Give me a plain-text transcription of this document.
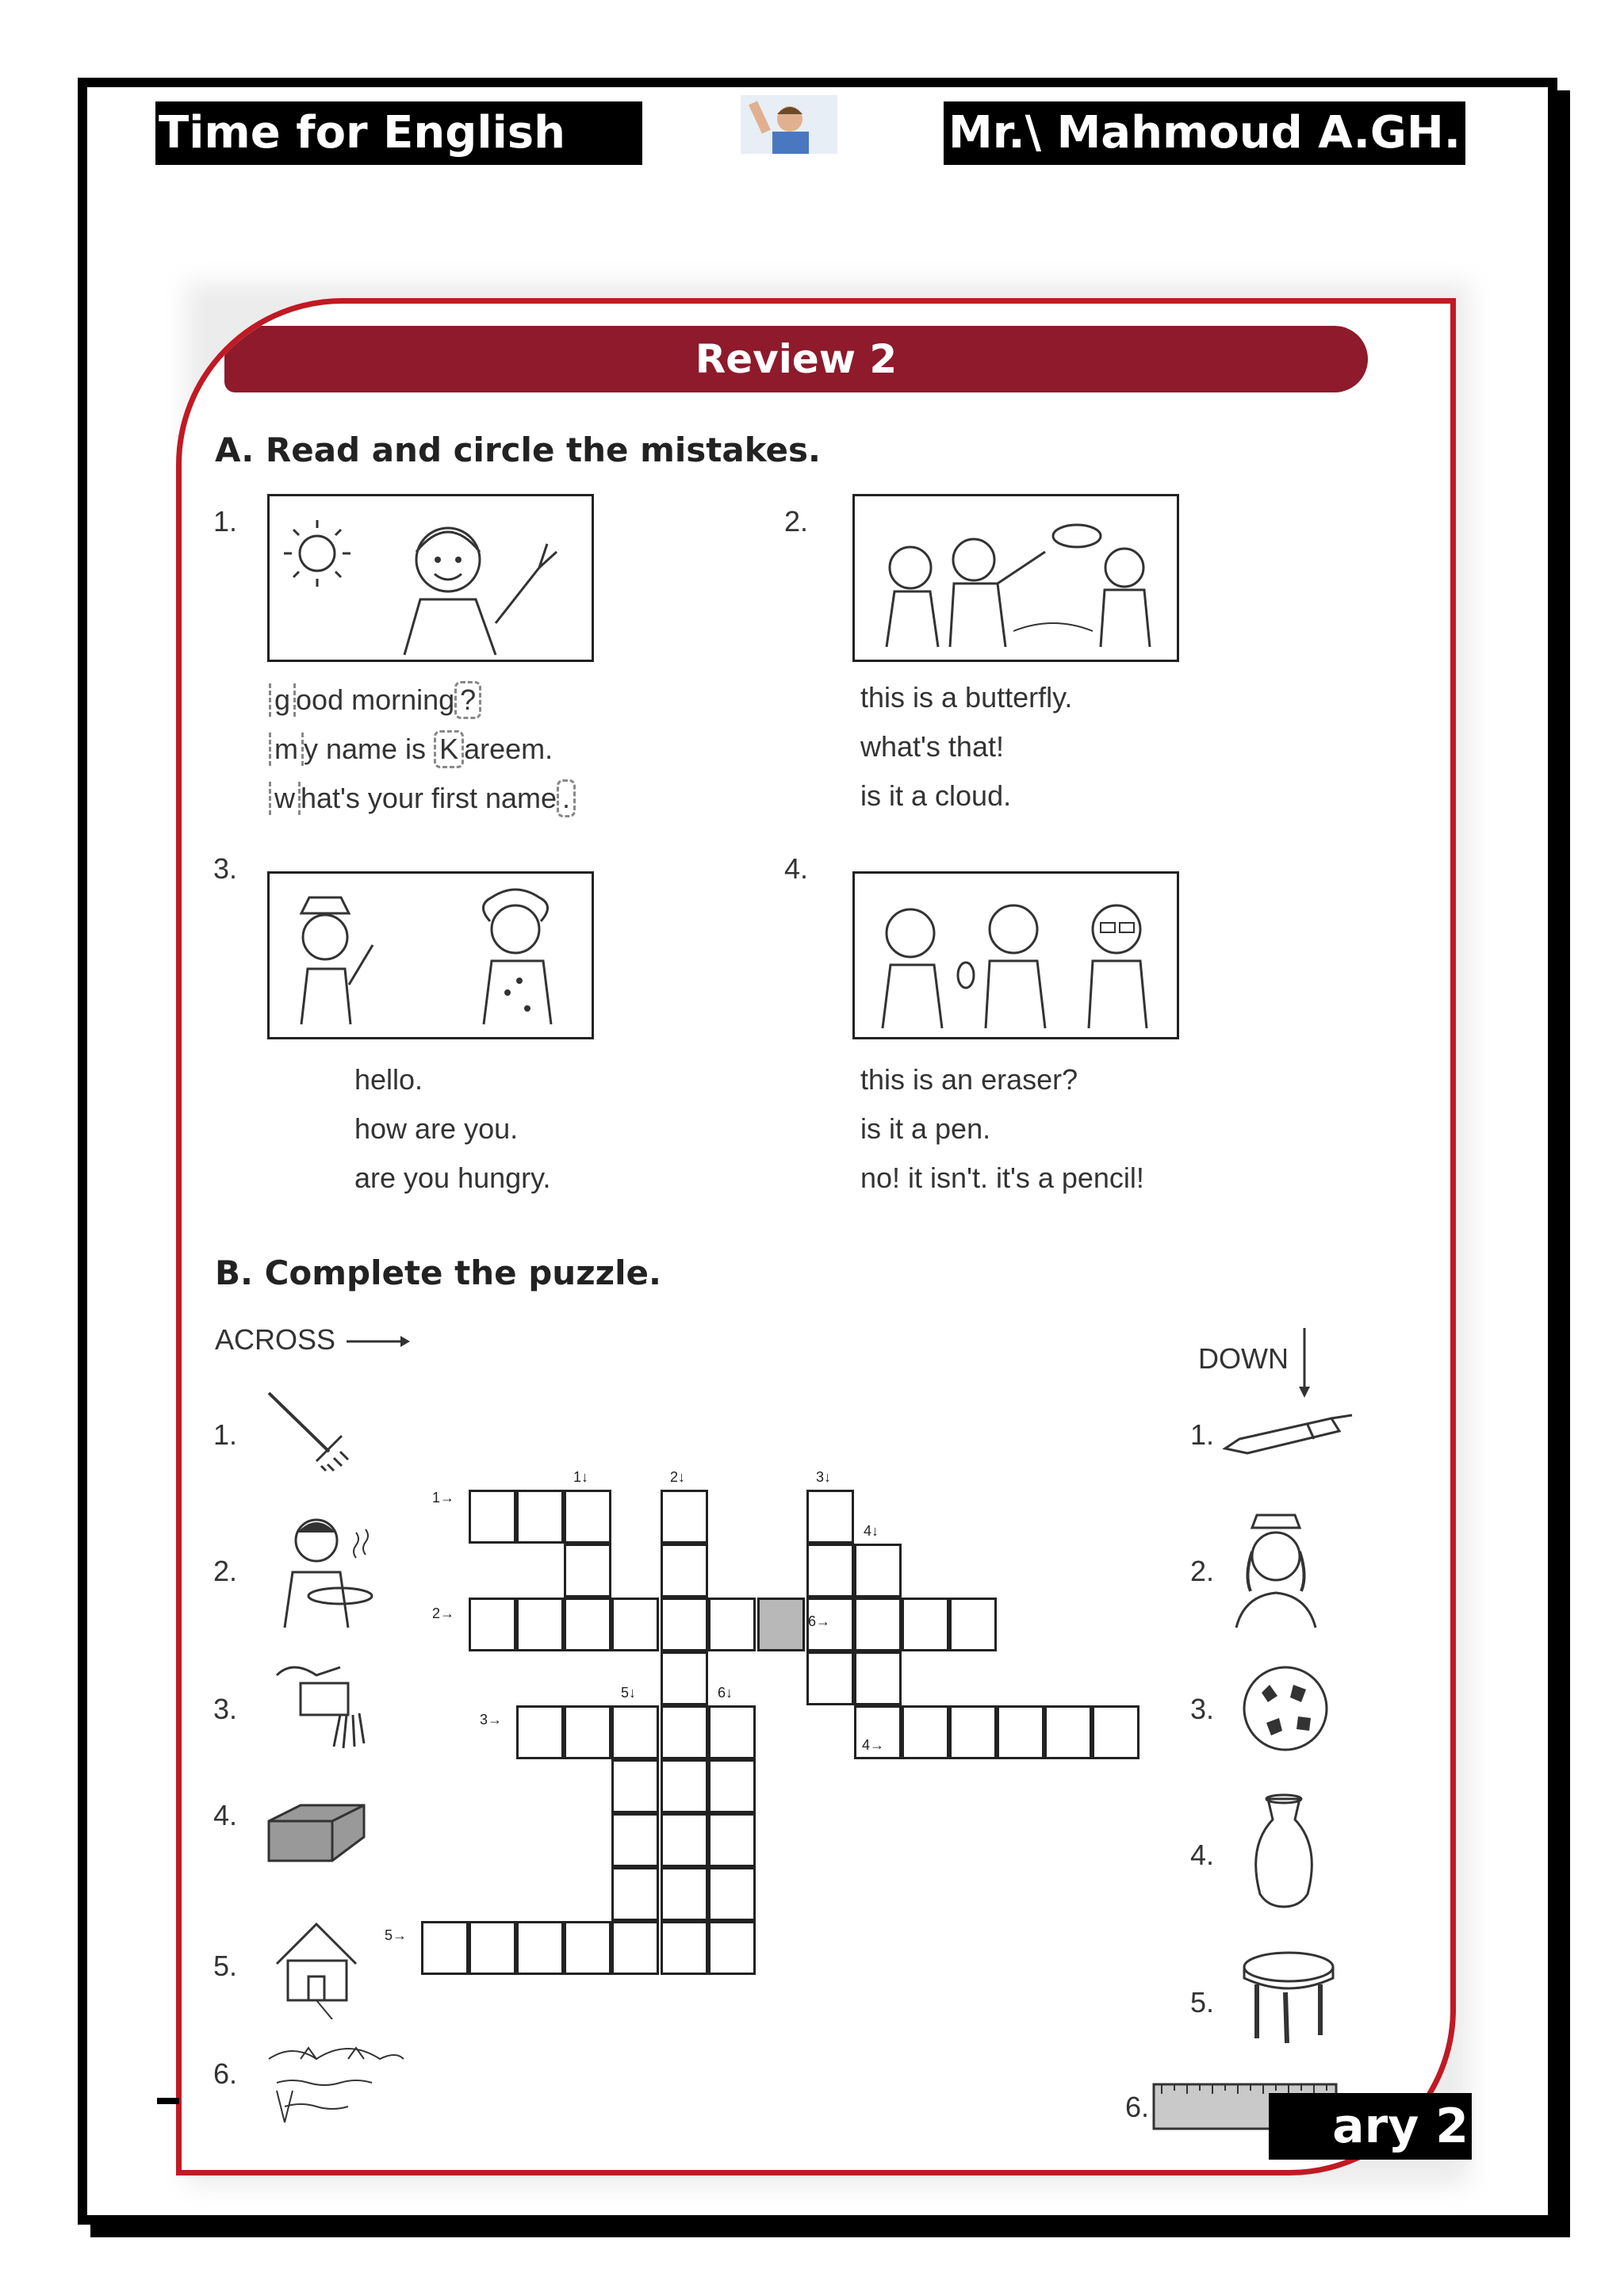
Time for English	Mr.\ Mahmoud A.GH.
Review 2
A. Read and circle the mistakes.
1.
g ood morning ?
m y name is K areem.
w hat's your first name .
2.
this is a butterfly.
what's that!
is it a cloud.
3.
hello.
how are you.
are you hungry.
4.
this is an eraser?
is it a pen.
no! it isn't. it's a pencil!
B. Complete the puzzle.
ACROSS
DOWN
1.
2.
3.
4.
5.
6.
1.
2.
3.
4.
5.
6.
1→
2→
3→
4→
5→
6→
1↓	2↓	3↓
4↓
5↓	6↓
ary 2
